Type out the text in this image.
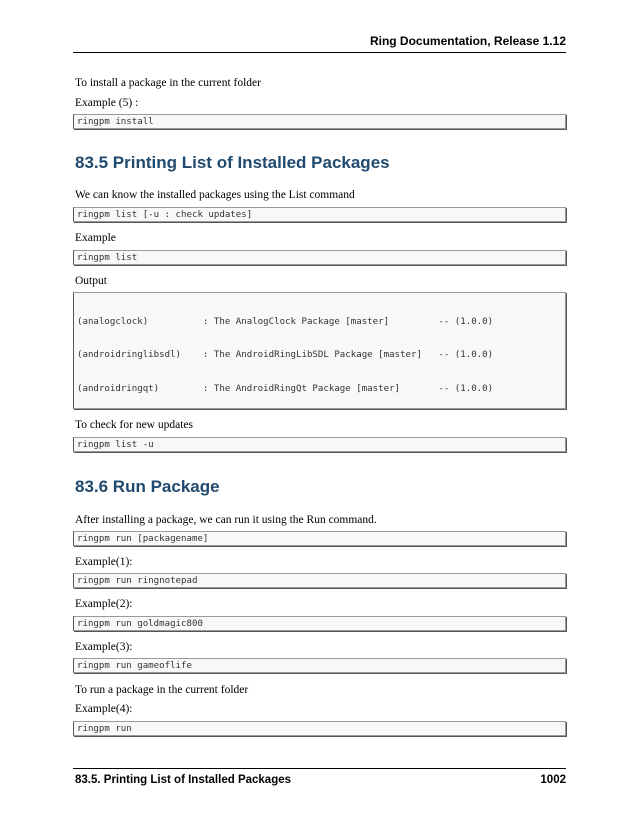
Ring Documentation, Release 1.12
To install a package in the current folder
Example (5) :
ringpm install
83.5 Printing List of Installed Packages
We can know the installed packages using the List command
ringpm list [-u : check updates]
Example
ringpm list
Output

(analogclock)          : The AnalogClock Package [master]         -- (1.0.0)

(androidringlibsdl)    : The AndroidRingLibSDL Package [master]   -- (1.0.0)

(androidringqt)        : The AndroidRingQt Package [master]       -- (1.0.0)

To check for new updates
ringpm list -u
83.6 Run Package
After installing a package, we can run it using the Run command.
ringpm run [packagename]
Example(1):
ringpm run ringnotepad
Example(2):
ringpm run goldmagic800
Example(3):
ringpm run gameoflife
To run a package in the current folder
Example(4):
ringpm run
83.5. Printing List of Installed Packages	1002
